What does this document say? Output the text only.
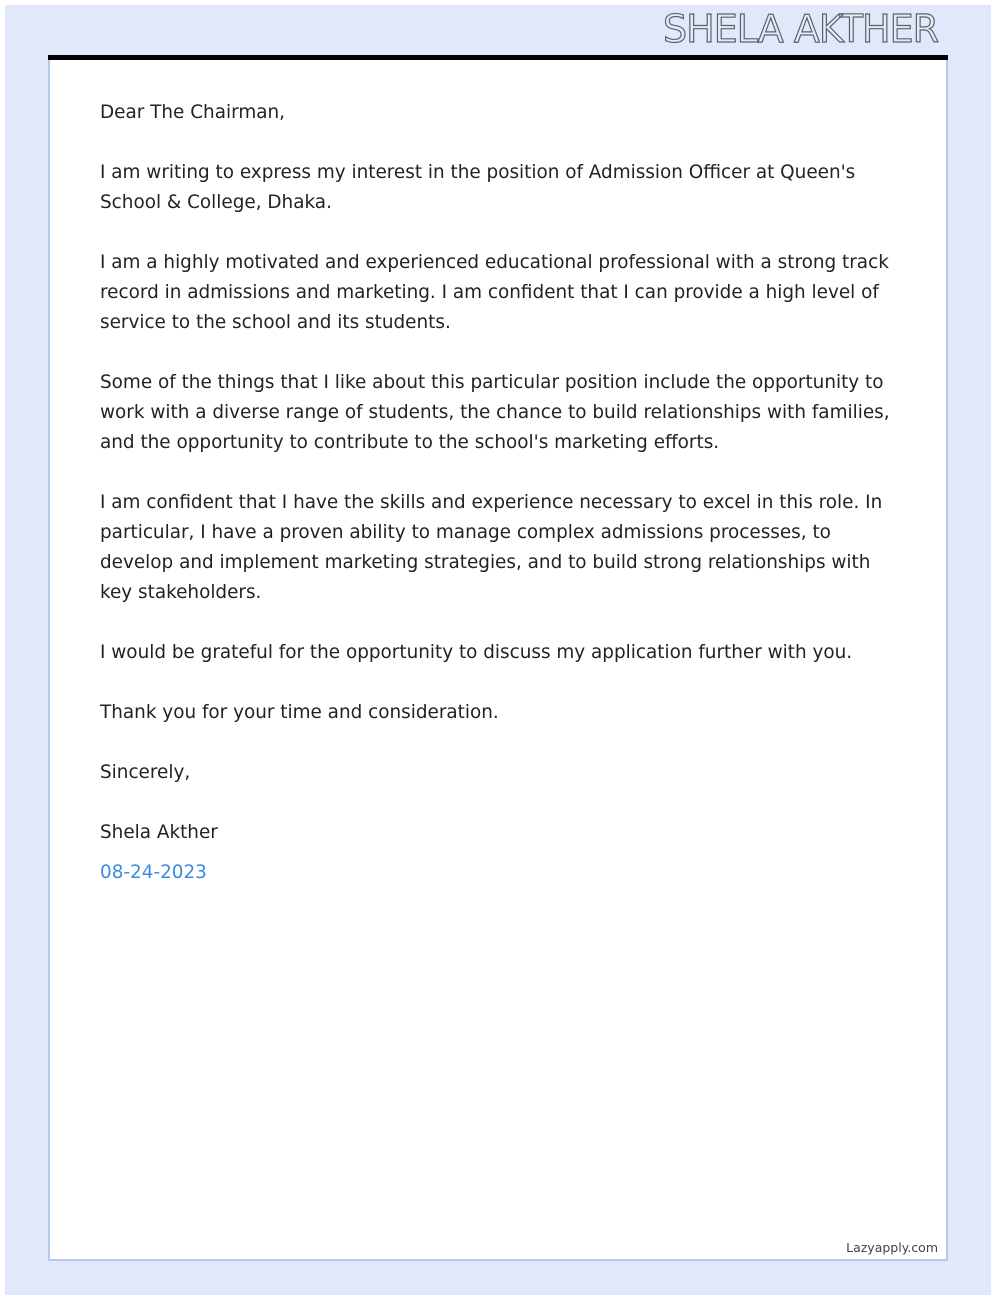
SHELA AKTHER

Dear The Chairman,

I am writing to express my interest in the position of Admission Officer at Queen's School & College, Dhaka.

I am a highly motivated and experienced educational professional with a strong track record in admissions and marketing. I am confident that I can provide a high level of service to the school and its students.

Some of the things that I like about this particular position include the opportunity to work with a diverse range of students, the chance to build relationships with families, and the opportunity to contribute to the school's marketing efforts.

I am confident that I have the skills and experience necessary to excel in this role. In particular, I have a proven ability to manage complex admissions processes, to develop and implement marketing strategies, and to build strong relationships with key stakeholders.

I would be grateful for the opportunity to discuss my application further with you.

Thank you for your time and consideration.

Sincerely,

Shela Akther

08-24-2023

Lazyapply.com
